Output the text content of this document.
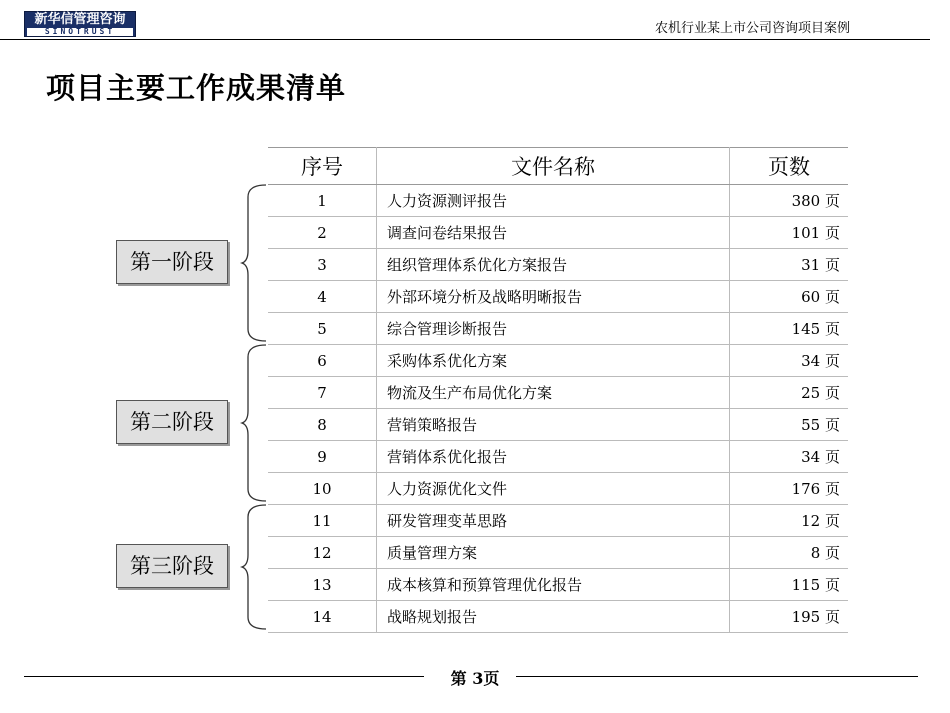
新华信管理咨询
SINOTRUST	农机行业某上市公司咨询项目案例
项目主要工作成果清单
序号	文件名称	页数
1	人力资源测评报告	380 页
2	调查问卷结果报告	101 页
3	组织管理体系优化方案报告	31 页
4	外部环境分析及战略明晰报告	60 页
5	综合管理诊断报告	145 页
6	采购体系优化方案	34 页
7	物流及生产布局优化方案	25 页
8	营销策略报告	55 页
9	营销体系优化报告	34 页
10	人力资源优化文件	176 页
11	研发管理变革思路	12 页
12	质量管理方案	8 页
13	成本核算和预算管理优化报告	115 页
14	战略规划报告	195 页
第一阶段
第二阶段
第三阶段
第 3页
